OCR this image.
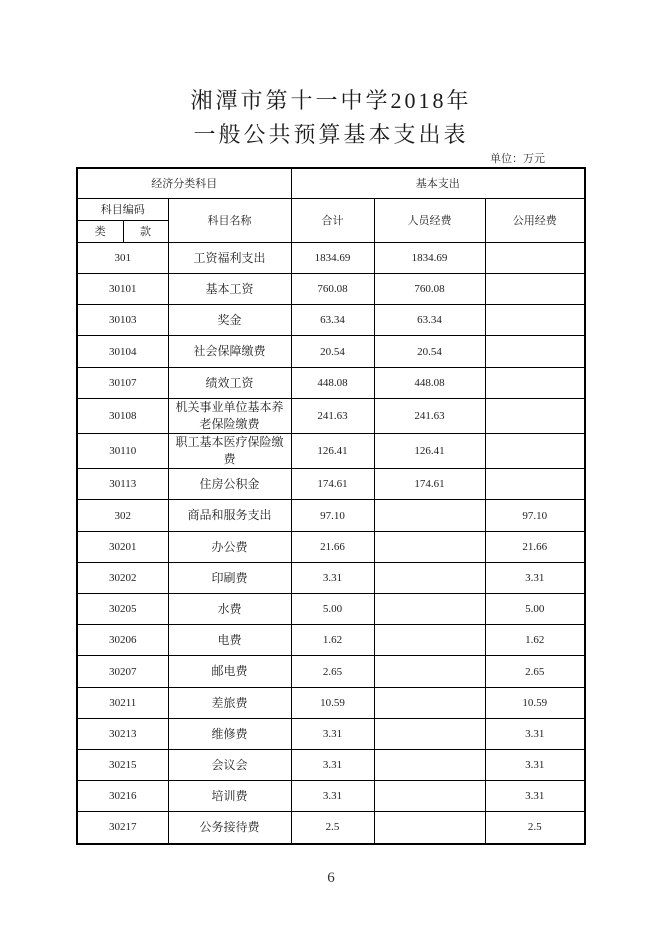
湘潭市第十一中学2018年
一般公共预算基本支出表
单位：万元
经济分类科目			基本支出		
科目编码		科目名称	合计	人员经费	公用经费
类	款				
301		工资福利支出	1834.69	1834.69	
30101		基本工资	760.08	760.08	
30103		奖金	63.34	63.34	
30104		社会保障缴费	20.54	20.54	
30107		绩效工资	448.08	448.08	
30108		机关事业单位基本养老保险缴费	241.63	241.63	
30110		职工基本医疗保险缴费	126.41	126.41	
30113		住房公积金	174.61	174.61	
302		商品和服务支出	97.10		97.10
30201		办公费	21.66		21.66
30202		印刷费	3.31		3.31
30205		水费	5.00		5.00
30206		电费	1.62		1.62
30207		邮电费	2.65		2.65
30211		差旅费	10.59		10.59
30213		维修费	3.31		3.31
30215		会议会	3.31		3.31
30216		培训费	3.31		3.31
30217		公务接待费	2.5		2.5
6
